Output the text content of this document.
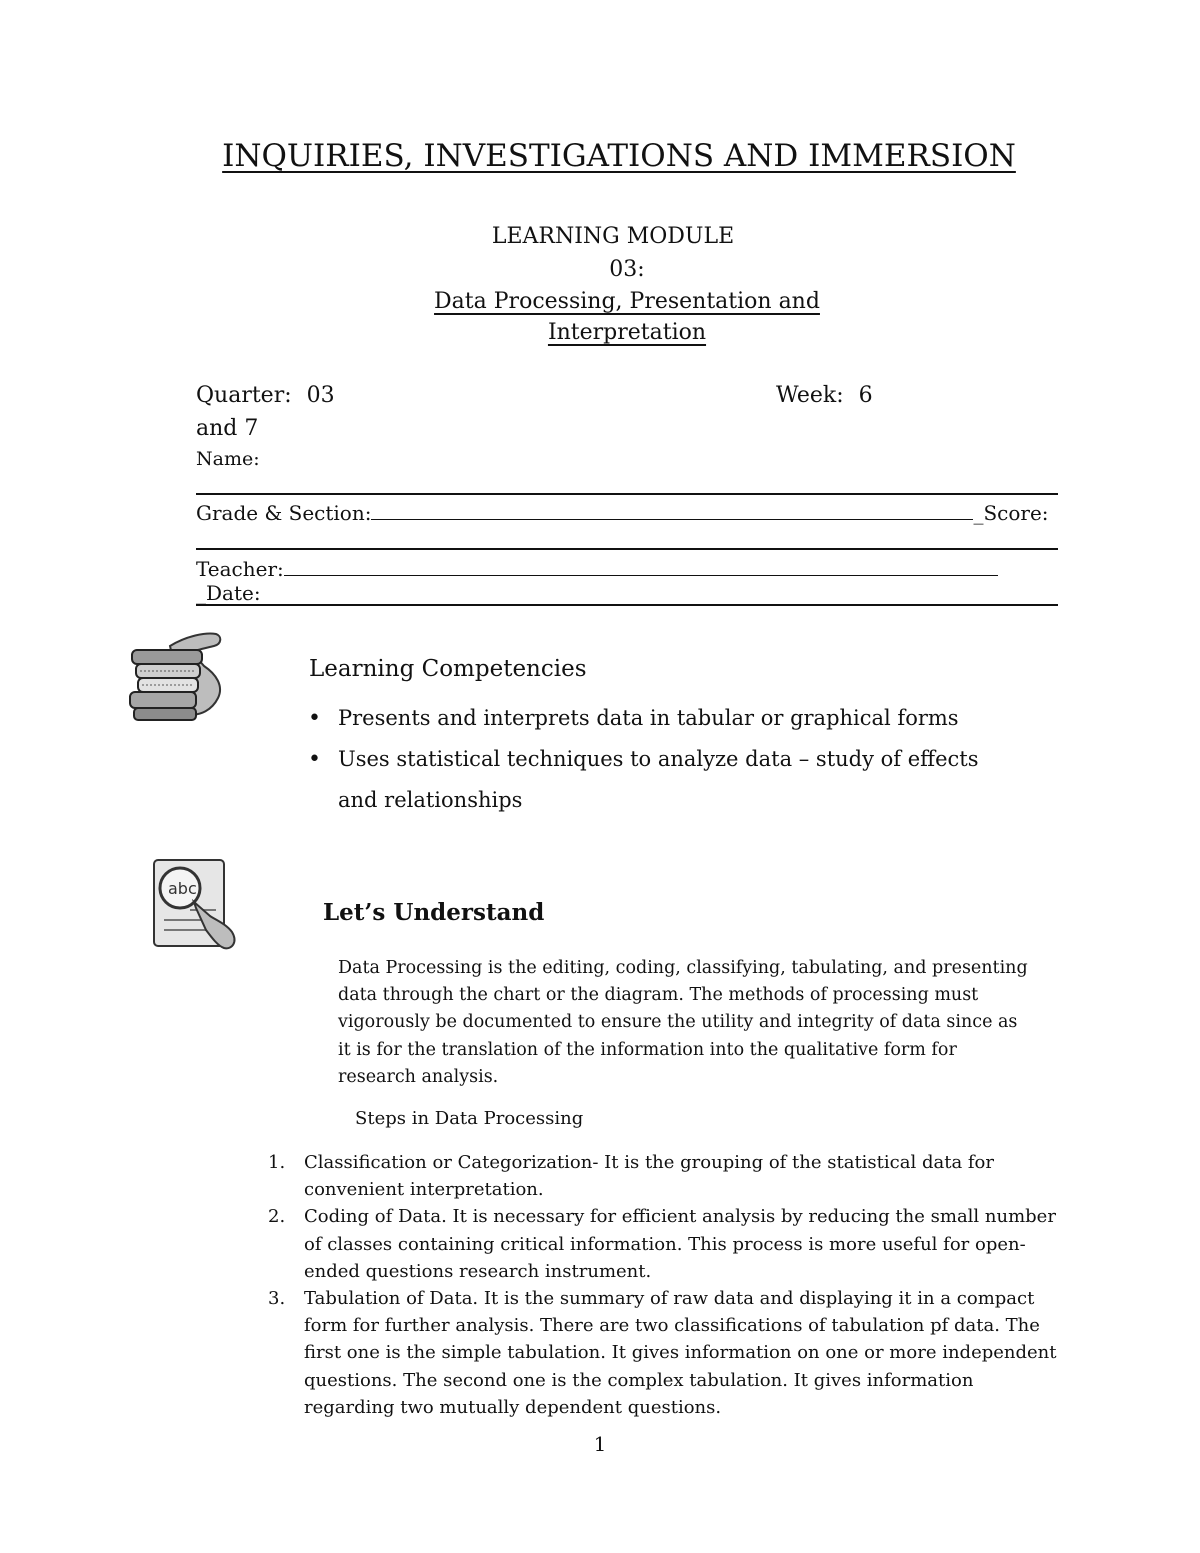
INQUIRIES, INVESTIGATIONS AND IMMERSION
LEARNING MODULE
03:
Data Processing, Presentation and
Interpretation
Quarter: 03	Week: 6
and 7
Name:
Grade & Section:	_Score:
Teacher:_Date:
Learning Competencies
• Presents and interprets data in tabular or graphical forms
• Uses statistical techniques to analyze data – study of effects and relationships
abc
Let’s Understand
Data Processing is the editing, coding, classifying, tabulating, and presenting data through the chart or the diagram. The methods of processing must vigorously be documented to ensure the utility and integrity of data since as it is for the translation of the information into the qualitative form for research analysis.
Steps in Data Processing
1. Classification or Categorization- It is the grouping of the statistical data for convenient interpretation.
2. Coding of Data. It is necessary for efficient analysis by reducing the small number of classes containing critical information. This process is more useful for open-ended questions research instrument.
3. Tabulation of Data. It is the summary of raw data and displaying it in a compact form for further analysis. There are two classifications of tabulation pf data. The first one is the simple tabulation. It gives information on one or more independent questions. The second one is the complex tabulation. It gives information regarding two mutually dependent questions.
1
